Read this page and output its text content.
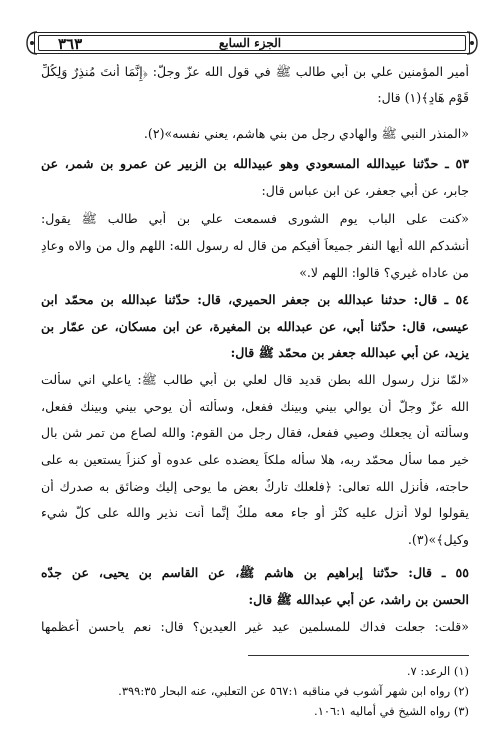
٣٦٣	الجزء السابع
أمير المؤمنين علي بن أبي طالب ﷺ في قول الله عزّ وجلّ: ﴿إِنَّمَا أَنتَ مُنذِرٌ وَلِكُلِّ
قَوْمٍ هَادٍ﴾(١) قال:
«المنذر النبي ﷺ والهادي رجل من بني هاشم، يعني نفسه»(٢).
٥٣ ـ حدّثنا عبيدالله المسعودي وهو عبيدالله بن الزبير عن عمرو بن شمر، عن
جابر، عن أبي جعفر، عن ابن عباس قال:
«كنت على الباب يوم الشورى فسمعت علي بن أبي طالب ﷺ يقول:
أنشدكم الله أيها النفر جميعاً أفيكم من قال له رسول الله: اللهم والِ من والاه وعادِ
من عاداه غيري؟ قالوا: اللهم لا.»
٥٤ ـ قال: حدثنا عبدالله بن جعفر الحميري، قال: حدّثنا عبدالله بن محمّد ابن
عيسى، قال: حدّثنا أبي، عن عبدالله بن المغيرة، عن ابن مسكان، عن عمّار بن
يزيد، عن أبي عبدالله جعفر بن محمّد ﷺ قال:
«لمّا نزل رسول الله بطن قديد قال لعلي بن أبي طالب ﷺ: ياعلي اني سألت
الله عزّ وجلّ أن يوالي بيني وبينك ففعل، وسألته أن يوحي بيني وبينك ففعل،
وسألته أن يجعلك وصيي ففعل، فقال رجل من القوم: والله لصاع من تمر شن بال
خير مما سأل محمّد ربه، هلا سأله ملكاً يعضده على عدوه أو كنزاً يستعين به على
حاجته، فأنزل الله تعالى: ﴿فلعلك تاركٌ بعض ما يوحى إليك وضائق به صدرك أن
يقولوا لولا أُنزل عليه كنْز أو جاء معه ملكٌ إِنَّما أنت نذير والله على كلّ شيء
وكيل﴾»(٣).
٥٥ ـ قال: حدّثنا إبراهيم بن هاشم ﷺ، عن القاسم بن يحيى، عن جدّه
الحسن بن راشد، عن أبي عبدالله ﷺ قال:
«قلت: جعلت فداك للمسلمين عيد غير العيدين؟ قال: نعم ياحسن أعظمها
(١) الرعد: ٧.
(٢) رواه ابن شهر آشوب في مناقبه ٥٦٧:١ عن التعلبي، عنه البحار ٣٩٩:٣٥.
(٣) رواه الشيخ في أماليه ١٠٦:١.
